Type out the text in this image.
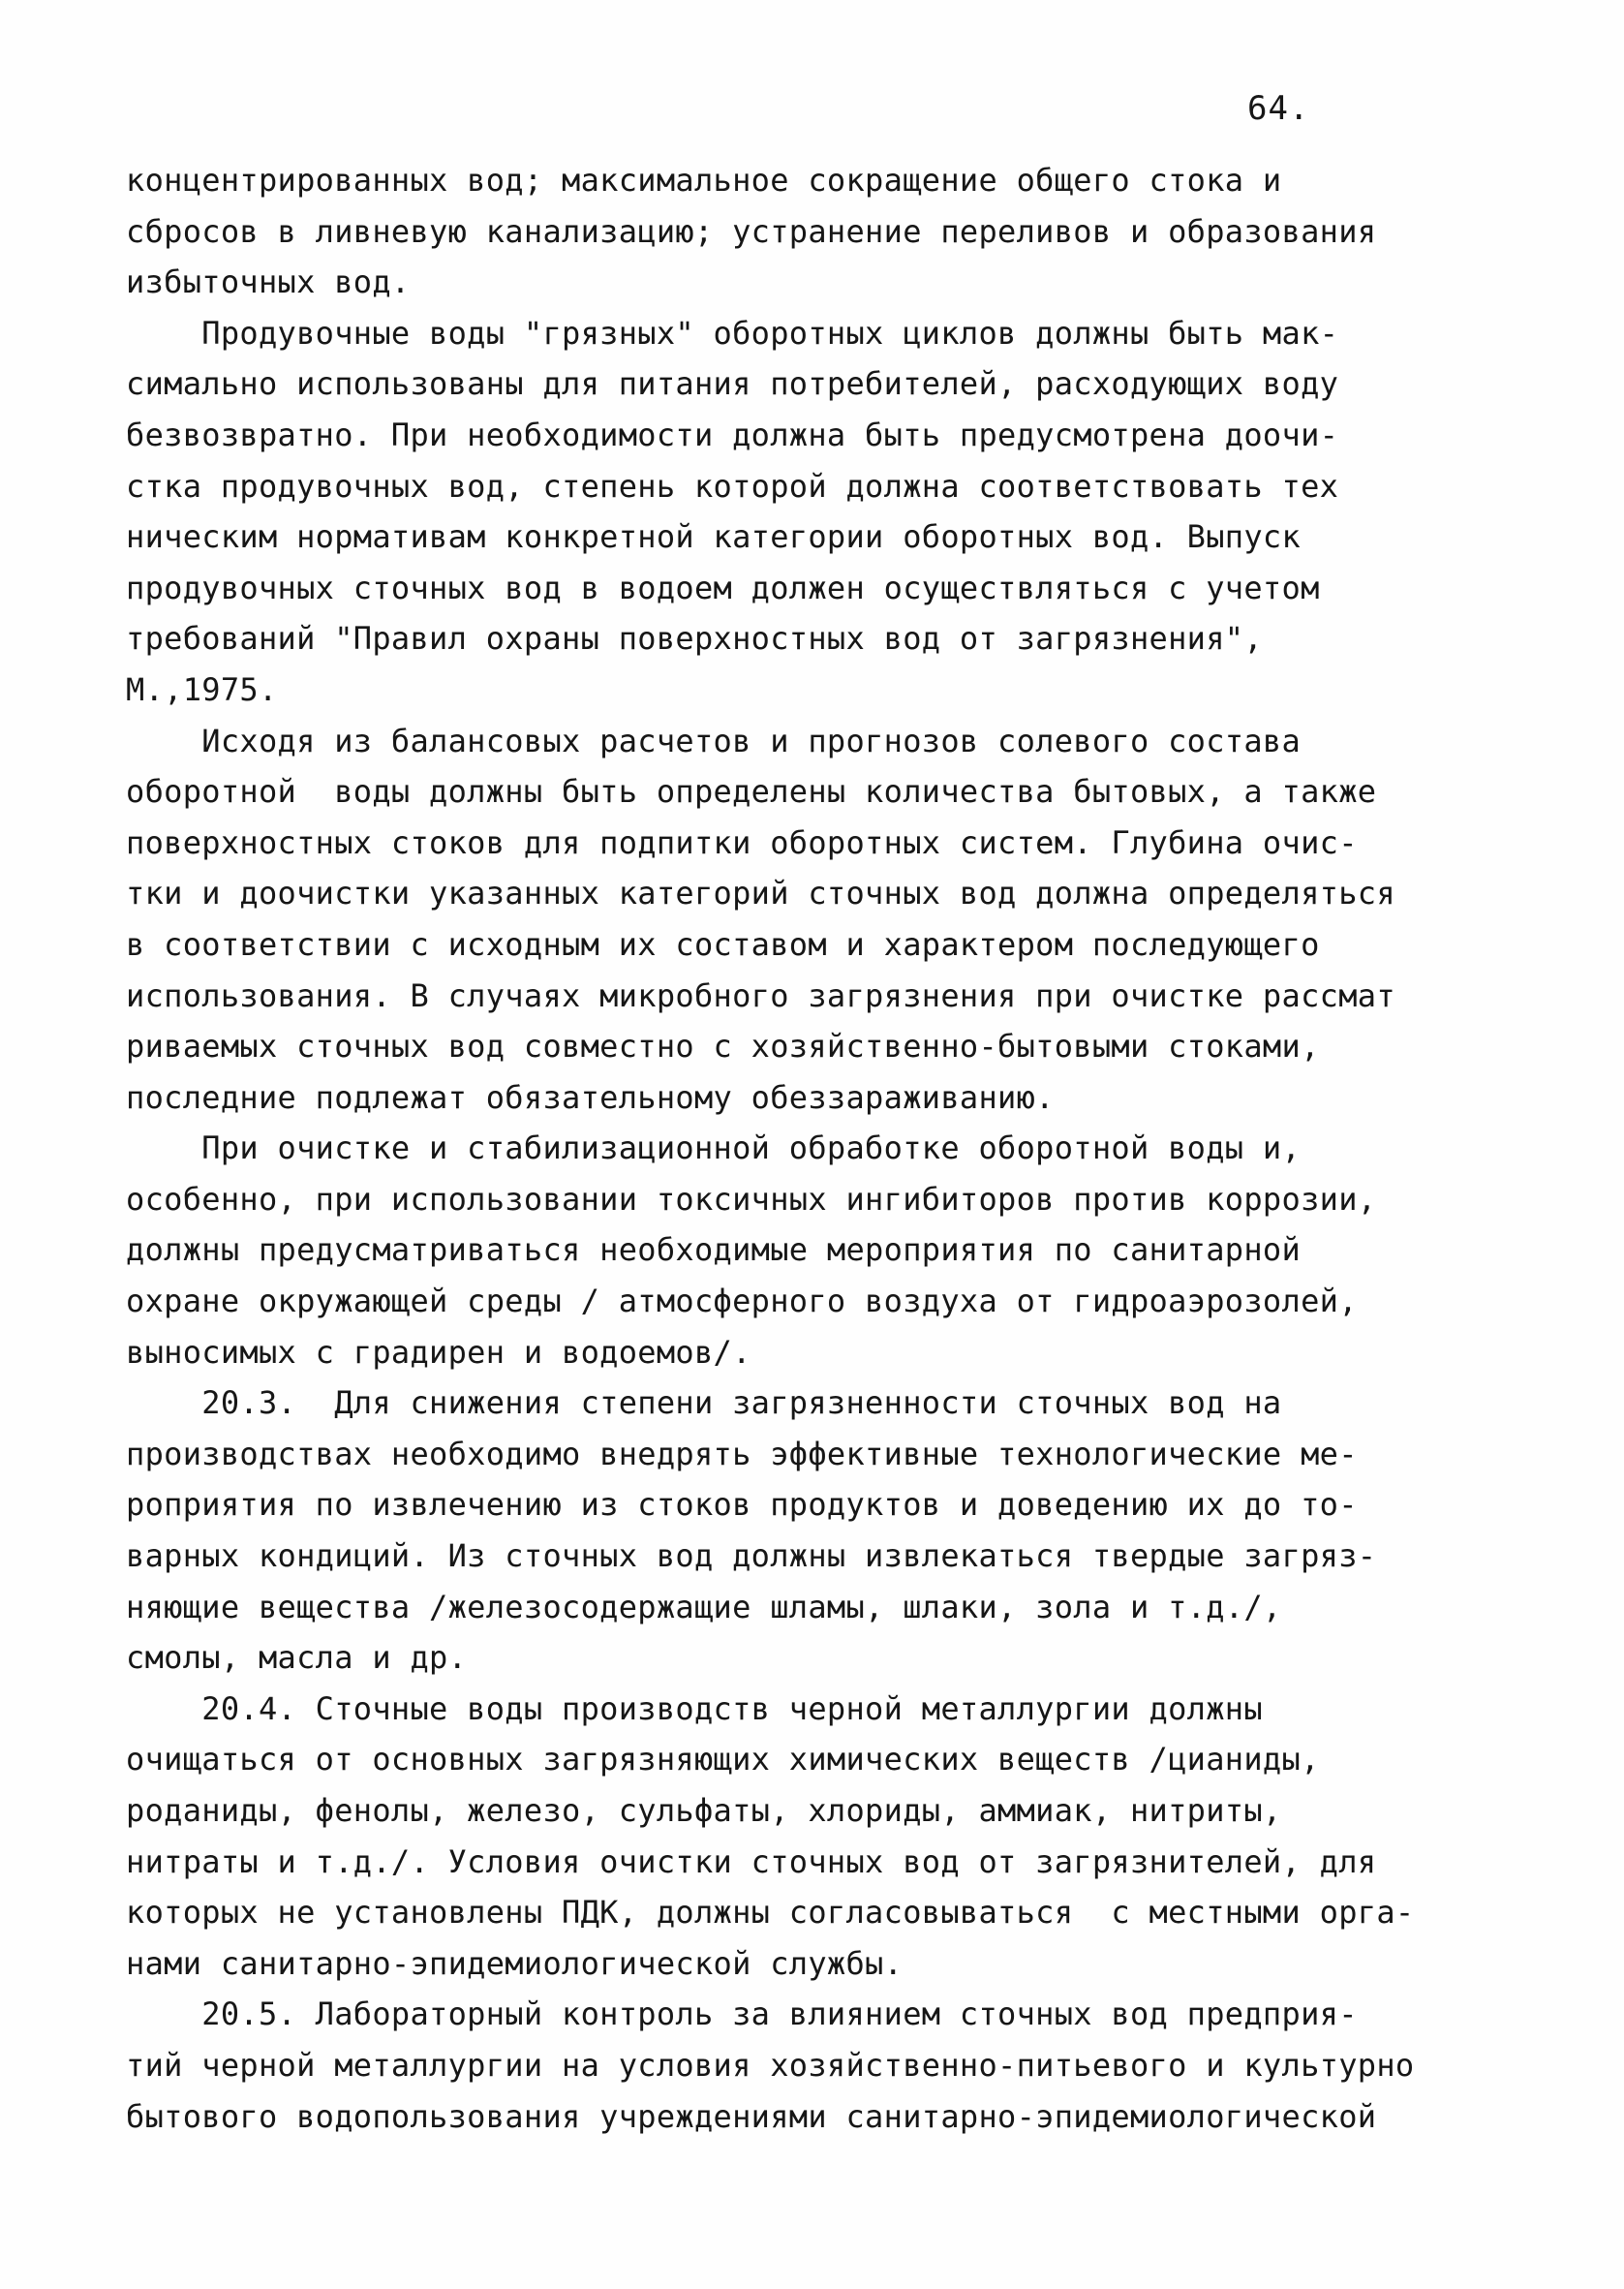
64.
концентрированных вод; максимальное сокращение общего стока и
сбросов в ливневую канализацию; устранение переливов и образования
избыточных вод.
Продувочные воды "грязных" оборотных циклов должны быть мак-
симально использованы для питания потребителей, расходующих воду
безвозвратно. При необходимости должна быть предусмотрена доочи-
стка продувочных вод, степень которой должна соответствовать тех
ническим нормативам конкретной категории оборотных вод. Выпуск
продувочных сточных вод в водоем должен осуществляться с учетом
требований "Правил охраны поверхностных вод от загрязнения",
М.,1975.
Исходя из балансовых расчетов и прогнозов солевого состава
оборотной  воды должны быть определены количества бытовых, а также
поверхностных стоков для подпитки оборотных систем. Глубина очис-
тки и доочистки указанных категорий сточных вод должна определяться
в соответствии с исходным их составом и характером последующего
использования. В случаях микробного загрязнения при очистке рассмат
риваемых сточных вод совместно с хозяйственно-бытовыми стоками,
последние подлежат обязательному обеззараживанию.
При очистке и стабилизационной обработке оборотной воды и,
особенно, при использовании токсичных ингибиторов против коррозии,
должны предусматриваться необходимые мероприятия по санитарной
охране окружающей среды / атмосферного воздуха от гидроаэрозолей,
выносимых с градирен и водоемов/.
20.3.  Для снижения степени загрязненности сточных вод на
производствах необходимо внедрять эффективные технологические ме-
роприятия по извлечению из стоков продуктов и доведению их до то-
варных кондиций. Из сточных вод должны извлекаться твердые загряз-
няющие вещества /железосодержащие шламы, шлаки, зола и т.д./,
смолы, масла и др.
20.4. Сточные воды производств черной металлургии должны
очищаться от основных загрязняющих химических веществ /цианиды,
роданиды, фенолы, железо, сульфаты, хлориды, аммиак, нитриты,
нитраты и т.д./. Условия очистки сточных вод от загрязнителей, для
которых не установлены ПДК, должны согласовываться  с местными орга-
нами санитарно-эпидемиологической службы.
20.5. Лабораторный контроль за влиянием сточных вод предприя-
тий черной металлургии на условия хозяйственно-питьевого и культурно
бытового водопользования учреждениями санитарно-эпидемиологической
